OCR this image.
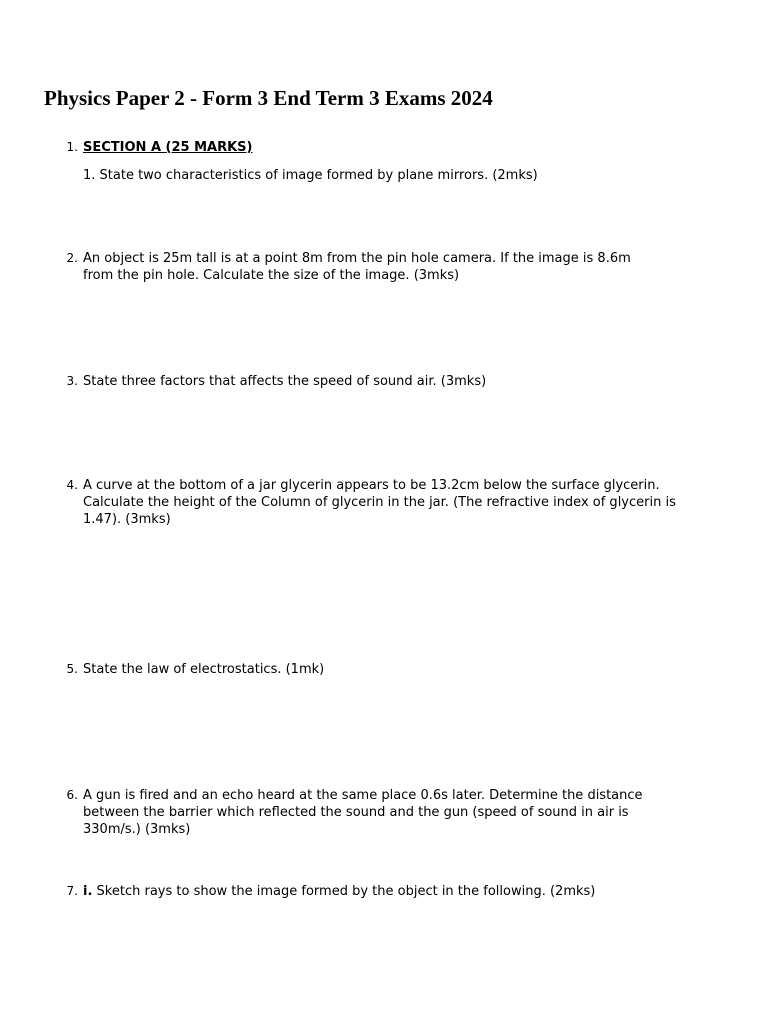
Physics Paper 2 - Form 3 End Term 3 Exams 2024
1. SECTION A (25 MARKS)
1. State two characteristics of image formed by plane mirrors. (2mks)
2. An object is 25m tall is at a point 8m from the pin hole camera. If the image is 8.6m from the pin hole. Calculate the size of the image. (3mks)
3. State three factors that affects the speed of sound air. (3mks)
4. A curve at the bottom of a jar glycerin appears to be 13.2cm below the surface glycerin. Calculate the height of the Column of glycerin in the jar. (The refractive index of glycerin is 1.47). (3mks)
5. State the law of electrostatics. (1mk)
6. A gun is fired and an echo heard at the same place 0.6s later. Determine the distance between the barrier which reflected the sound and the gun (speed of sound in air is 330m/s.) (3mks)
7. i. Sketch rays to show the image formed by the object in the following. (2mks)
